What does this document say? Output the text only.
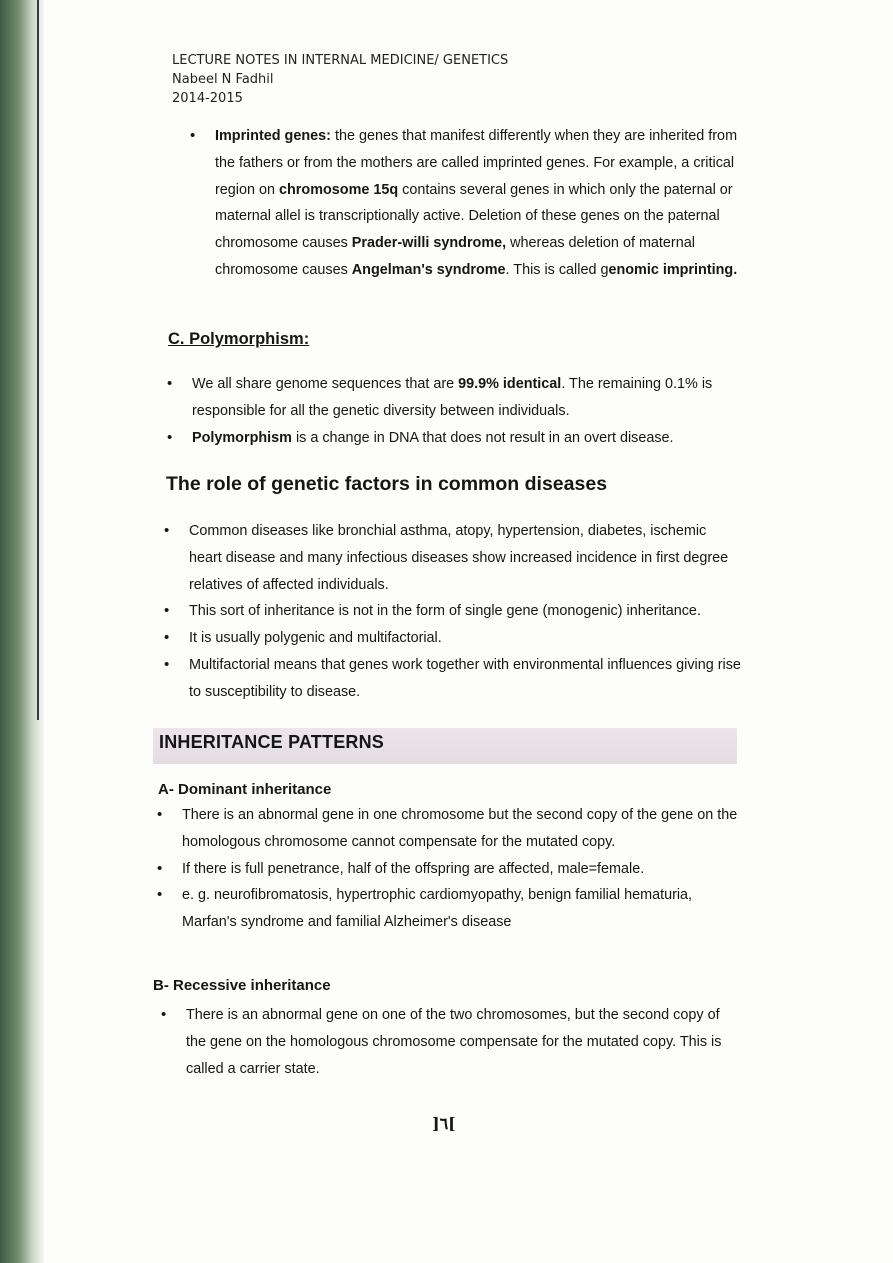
LECTURE NOTES IN INTERNAL MEDICINE/ GENETICS
Nabeel N Fadhil
2014-2015
• Imprinted genes: the genes that manifest differently when they are inherited from the fathers or from the mothers are called imprinted genes. For example, a critical region on chromosome 15q contains several genes in which only the paternal or maternal allel is transcriptionally active. Deletion of these genes on the paternal chromosome causes Prader-willi syndrome, whereas deletion of maternal chromosome causes Angelman's syndrome. This is called genomic imprinting.
C. Polymorphism:
• We all share genome sequences that are 99.9% identical. The remaining 0.1% is responsible for all the genetic diversity between individuals.
• Polymorphism is a change in DNA that does not result in an overt disease.
The role of genetic factors in common diseases
• Common diseases like bronchial asthma, atopy, hypertension, diabetes, ischemic heart disease and many infectious diseases show increased incidence in first degree relatives of affected individuals.
• This sort of inheritance is not in the form of single gene (monogenic) inheritance.
• It is usually polygenic and multifactorial.
• Multifactorial means that genes work together with environmental influences giving rise to susceptibility to disease.
INHERITANCE PATTERNS
A- Dominant inheritance
• There is an abnormal gene in one chromosome but the second copy of the gene on the homologous chromosome cannot compensate for the mutated copy.
• If there is full penetrance, half of the offspring are affected, male=female.
• e. g. neurofibromatosis, hypertrophic cardiomyopathy, benign familial hematuria, Marfan's syndrome and familial Alzheimer's disease
B- Recessive inheritance
• There is an abnormal gene on one of the two chromosomes, but the second copy of the gene on the homologous chromosome compensate for the mutated copy. This is called a carrier state.
]٦[
